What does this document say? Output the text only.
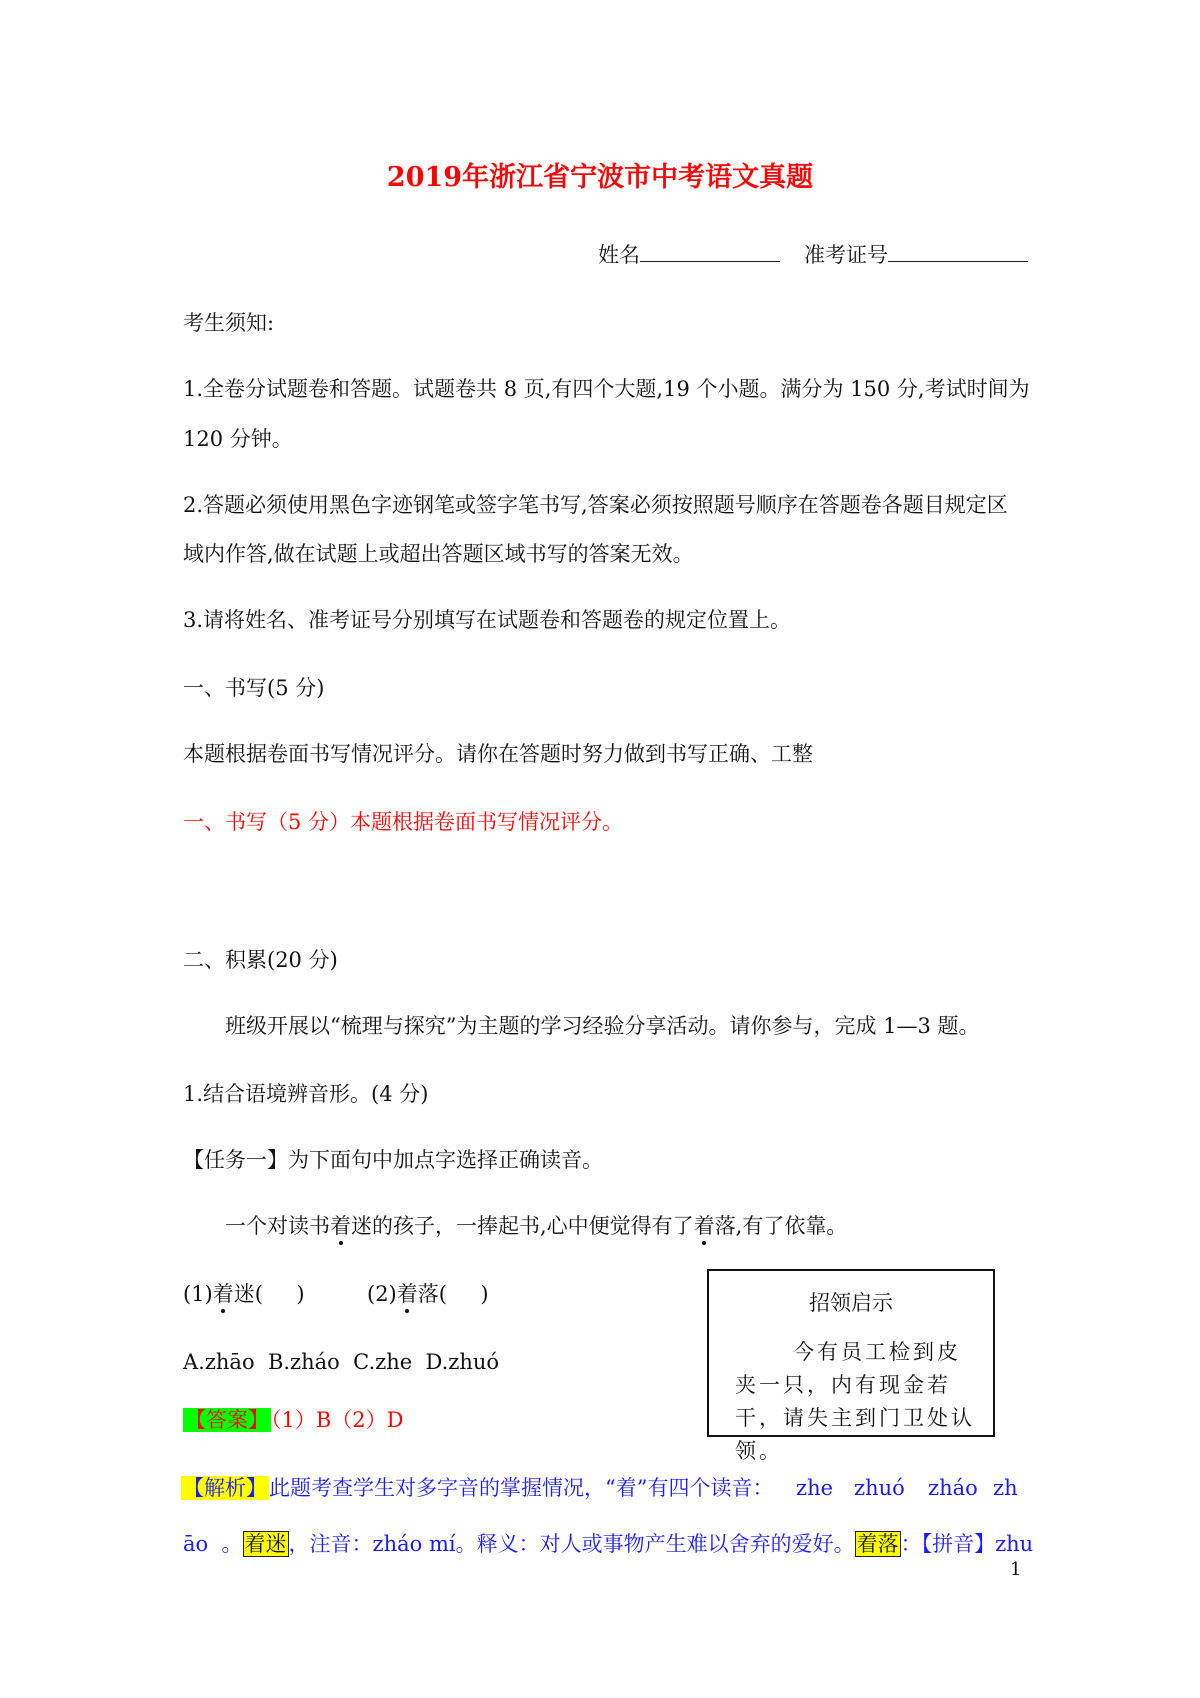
2019年浙江省宁波市中考语文真题
姓名	准考证号
考生须知:
1.全卷分试题卷和答题。试题卷共 8 页,有四个大题,19 个小题。满分为 150 分,考试时间为
120 分钟。
2.答题必须使用黑色字迹钢笔或签字笔书写,答案必须按照题号顺序在答题卷各题目规定区
域内作答,做在试题上或超出答题区域书写的答案无效。
3.请将姓名、准考证号分别填写在试题卷和答题卷的规定位置上。
一、书写(5 分)
本题根据卷面书写情况评分。请你在答题时努力做到书写正确、工整
一、书写（5 分）本题根据卷面书写情况评分。
二、积累(20 分)
班级开展以“梳理与探究”为主题的学习经验分享活动。请你参与，完成 1—3 题。
1.结合语境辨音形。(4 分)
【任务一】为下面句中加点字选择正确读音。
一个对读书着迷的孩子，一捧起书,心中便觉得有了着落,有了依靠。
(1)着迷(     )	(2)着落(     )
A.zhāo  B.zháo  C.zhe  D.zhuó
【答案】（1）B（2）D
【解析】此题考查学生对多字音的掌握情况，“着”有四个读音： zhe zhuó zháo zh
āo  。着迷，注音：zháo mí。释义：对人或事物产生难以舍弃的爱好。着落：【拼音】zhu
招领启示
今有员工检到皮夹一只，内有现金若干，请失主到门卫处认领。
1
